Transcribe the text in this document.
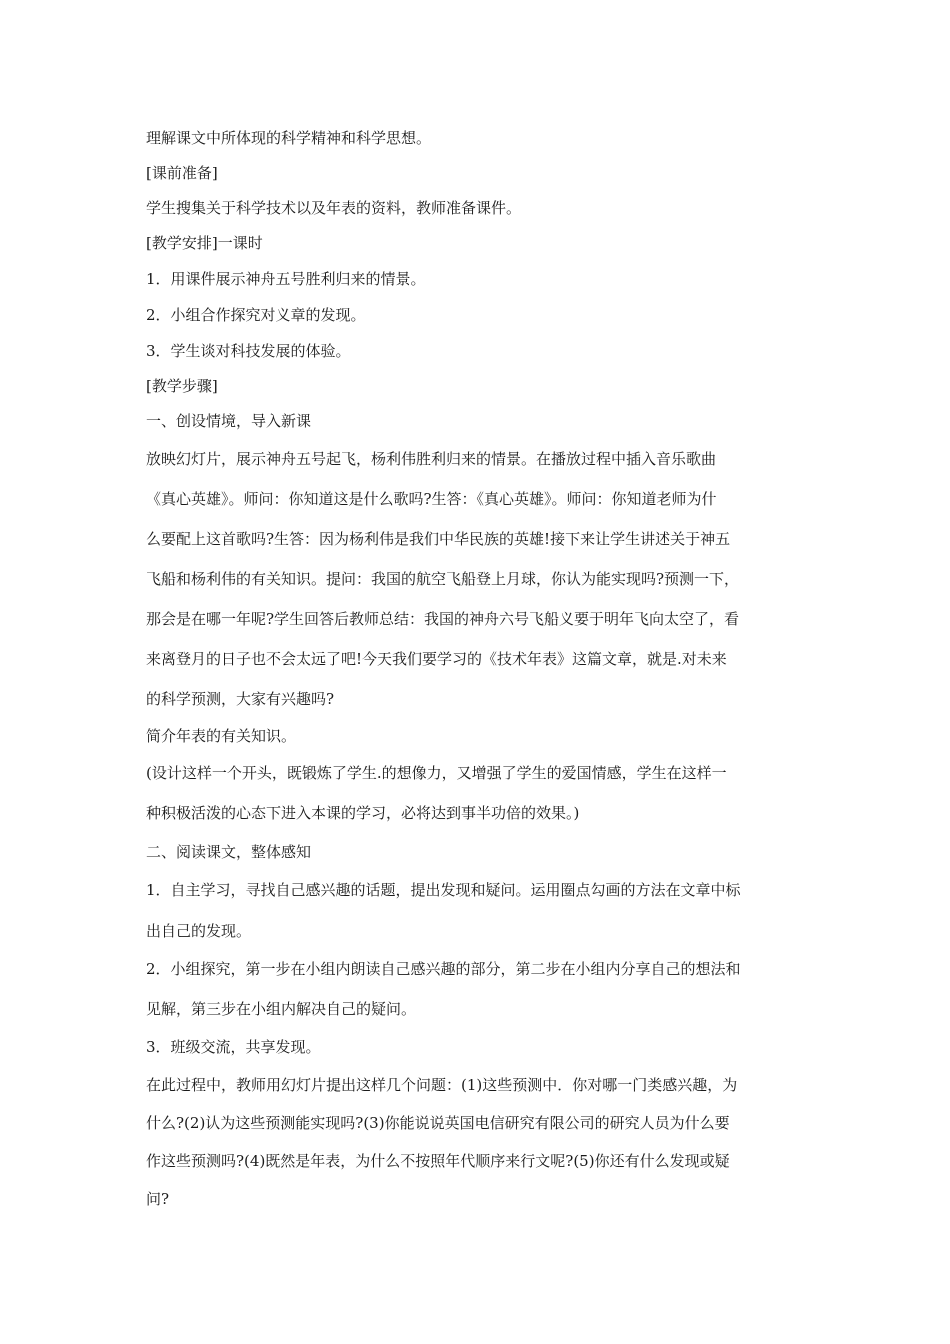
理解课文中所体现的科学精神和科学思想。
[课前准备]
学生搜集关于科学技术以及年表的资料，教师准备课件。
[教学安排]一课时
1．用课件展示神舟五号胜利归来的情景。
2．小组合作探究对义章的发现。
3．学生谈对科技发展的体验。
[教学步骤]
一、创设情境，导入新课
放映幻灯片，展示神舟五号起飞，杨利伟胜利归来的情景。在播放过程中插入音乐歌曲
《真心英雄》。师问：你知道这是什么歌吗?生答：《真心英雄》。师问：你知道老师为什
么要配上这首歌吗?生答：因为杨利伟是我们中华民族的英雄!接下来让学生讲述关于神五
飞船和杨利伟的有关知识。提问：我国的航空飞船登上月球，你认为能实现吗?预测一下，
那会是在哪一年呢?学生回答后教师总结：我国的神舟六号飞船义要于明年飞向太空了，看
来离登月的日子也不会太远了吧!今天我们要学习的《技术年表》这篇文章，就是.对未来
的科学预测，大家有兴趣吗?
简介年表的有关知识。
(设计这样一个开头，既锻炼了学生.的想像力，又增强了学生的爱国情感，学生在这样一
种积极活泼的心态下进入本课的学习，必将达到事半功倍的效果。)
二、阅读课文，整体感知
1．自主学习，寻找自己感兴趣的话题，提出发现和疑问。运用圈点勾画的方法在文章中标
出自己的发现。
2．小组探究，第一步在小组内朗读自己感兴趣的部分，第二步在小组内分享自己的想法和
见解，第三步在小组内解决自己的疑问。
3．班级交流，共享发现。
在此过程中，教师用幻灯片提出这样几个问题：(1)这些预测中．你对哪一门类感兴趣，为
什么?(2)认为这些预测能实现吗?(3)你能说说英国电信研究有限公司的研究人员为什么要
作这些预测吗?(4)既然是年表，为什么不按照年代顺序来行文呢?(5)你还有什么发现或疑
问?
